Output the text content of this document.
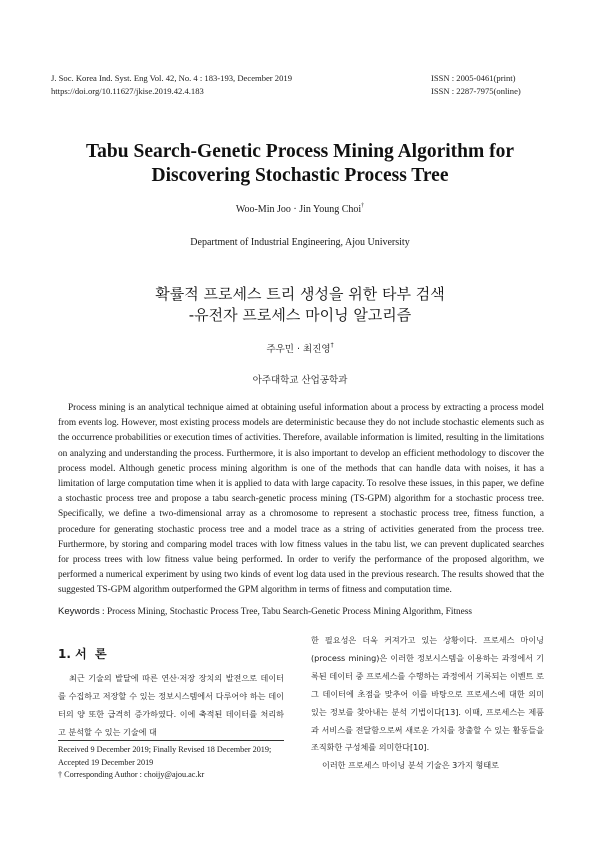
J. Soc. Korea Ind. Syst. Eng Vol. 42, No. 4 : 183-193, December 2019
https://doi.org/10.11627/jkise.2019.42.4.183
ISSN : 2005-0461(print)
ISSN : 2287-7975(online)
Tabu Search-Genetic Process Mining Algorithm for
Discovering Stochastic Process Tree
Woo-Min Joo · Jin Young Choi†
Department of Industrial Engineering, Ajou University
확률적 프로세스 트리 생성을 위한 타부 검색
-유전자 프로세스 마이닝 알고리즘
주우민 · 최진영†
아주대학교 산업공학과
Process mining is an analytical technique aimed at obtaining useful information about a process by extracting a process model from events log. However, most existing process models are deterministic because they do not include stochastic elements such as the occurrence probabilities or execution times of activities. Therefore, available information is limited, resulting in the limitations on analyzing and understanding the process. Furthermore, it is also important to develop an efficient methodology to discover the process model. Although genetic process mining algorithm is one of the methods that can handle data with noises, it has a limitation of large computation time when it is applied to data with large capacity. To resolve these issues, in this paper, we define a stochastic process tree and propose a tabu search-genetic process mining (TS-GPM) algorithm for a stochastic process tree. Specifically, we define a two-dimensional array as a chromosome to represent a stochastic process tree, fitness function, a procedure for generating stochastic process tree and a model trace as a string of activities generated from the process tree. Furthermore, by storing and comparing model traces with low fitness values in the tabu list, we can prevent duplicated searches for process trees with low fitness value being performed. In order to verify the performance of the proposed algorithm, we performed a numerical experiment by using two kinds of event log data used in the previous research. The results showed that the suggested TS-GPM algorithm outperformed the GPM algorithm in terms of fitness and computation time.
Keywords : Process Mining, Stochastic Process Tree, Tabu Search-Genetic Process Mining Algorithm, Fitness
1. 서  론
최근 기술의 발달에 따른 연산·저장 장치의 발전으로 데이터를 수집하고 저장할 수 있는 정보시스템에서 다루어야 하는 데이터의 양 또한 급격히 증가하였다. 이에 축적된 데이터를 처리하고 분석할 수 있는 기술에 대
Received 9 December 2019; Finally Revised 18 December 2019;
Accepted 19 December 2019
† Corresponding Author : choijy@ajou.ac.kr

한 필요성은 더욱 커져가고 있는 상황이다. 프로세스 마이닝(process mining)은 이러한 정보시스템을 이용하는 과정에서 기록된 데이터 중 프로세스를 수행하는 과정에서 기록되는 이벤트 로그 데이터에 초점을 맞추어 이를 바탕으로 프로세스에 대한 의미 있는 정보를 찾아내는 분석 기법이다[13]. 이때, 프로세스는 제품과 서비스를 전달함으로써 새로운 가치를 창출할 수 있는 활동들을 조직화한 구성체를 의미한다[10].

이러한 프로세스 마이닝 분석 기술은 3가지 형태로
